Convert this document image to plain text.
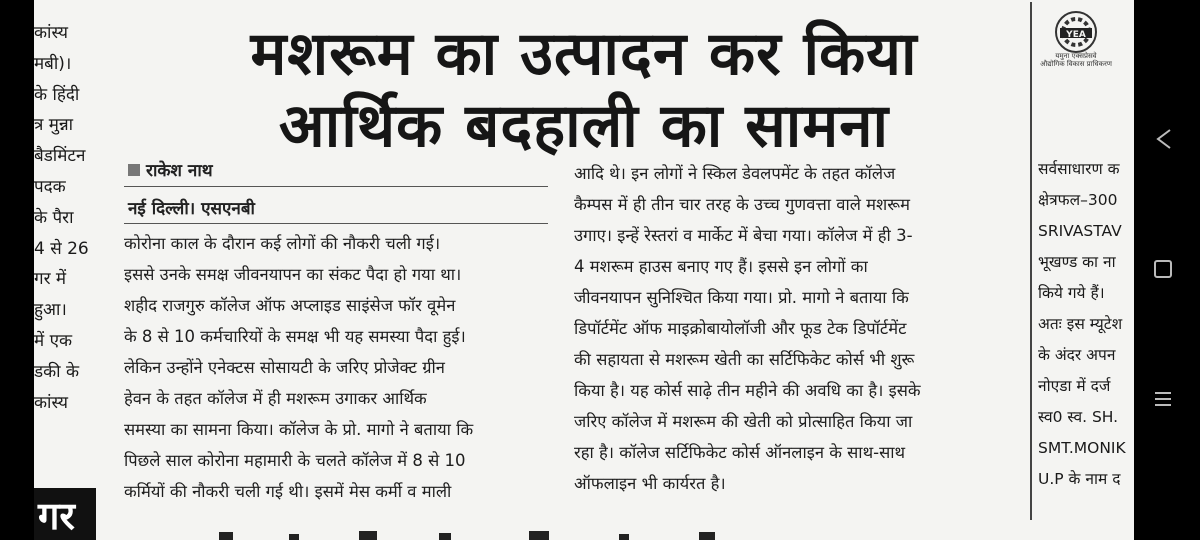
कांस्य
मबी)।
के हिंदी
त्र मुन्ना
बैडमिंटन
पदक
के पैरा
4 से 26
गर में
हुआ।
में एक
डकी के
कांस्य
गर
मशरूम का उत्पादन कर किया
आर्थिक बदहाली का सामना
राकेश नाथ
नई दिल्ली। एसएनबी
कोरोना काल के दौरान कई लोगों की नौकरी चली गई।
इससे उनके समक्ष जीवनयापन का संकट पैदा हो गया था।
शहीद राजगुरु कॉलेज ऑफ अप्लाइड साइंसेज फॉर वूमेन
के 8 से 10 कर्मचारियों के समक्ष भी यह समस्या पैदा हुई।
लेकिन उन्होंने एनेक्टस सोसायटी के जरिए प्रोजेक्ट ग्रीन
हेवन के तहत कॉलेज में ही मशरूम उगाकर आर्थिक
समस्या का सामना किया। कॉलेज के प्रो. मागो ने बताया कि
पिछले साल कोरोना महामारी के चलते कॉलेज में 8 से 10
कर्मियों की नौकरी चली गई थी। इसमें मेस कर्मी व माली
आदि थे। इन लोगों ने स्किल डेवलपमेंट के तहत कॉलेज
कैम्पस में ही तीन चार तरह के उच्च गुणवत्ता वाले मशरूम
उगाए। इन्हें रेस्तरां व मार्केट में बेचा गया। कॉलेज में ही 3-
4 मशरूम हाउस बनाए गए हैं। इससे इन लोगों का
जीवनयापन सुनिश्चित किया गया। प्रो. मागो ने बताया कि
डिपॉर्टमेंट ऑफ माइक्रोबायोलॉजी और फूड टेक डिपॉर्टमेंट
की सहायता से मशरूम खेती का सर्टिफिकेट कोर्स भी शुरू
किया है। यह कोर्स साढ़े तीन महीने की अवधि का है। इसके
जरिए कॉलेज में मशरूम की खेती को प्रोत्साहित किया जा
रहा है। कॉलेज सर्टिफिकेट कोर्स ऑनलाइन के साथ-साथ
ऑफलाइन भी कार्यरत है।
YEA
यमुना एक्सप्रेसवे
औद्योगिक विकास प्राधिकरण
सर्वसाधारण क
क्षेत्रफल–300
SRIVASTAV
भूखण्ड का ना
किये गये हैं।
अतः इस म्यूटेश
के अंदर अपन
नोएडा में दर्ज
स्व0 स्व. SH.
SMT.MONIK
U.P के नाम द
